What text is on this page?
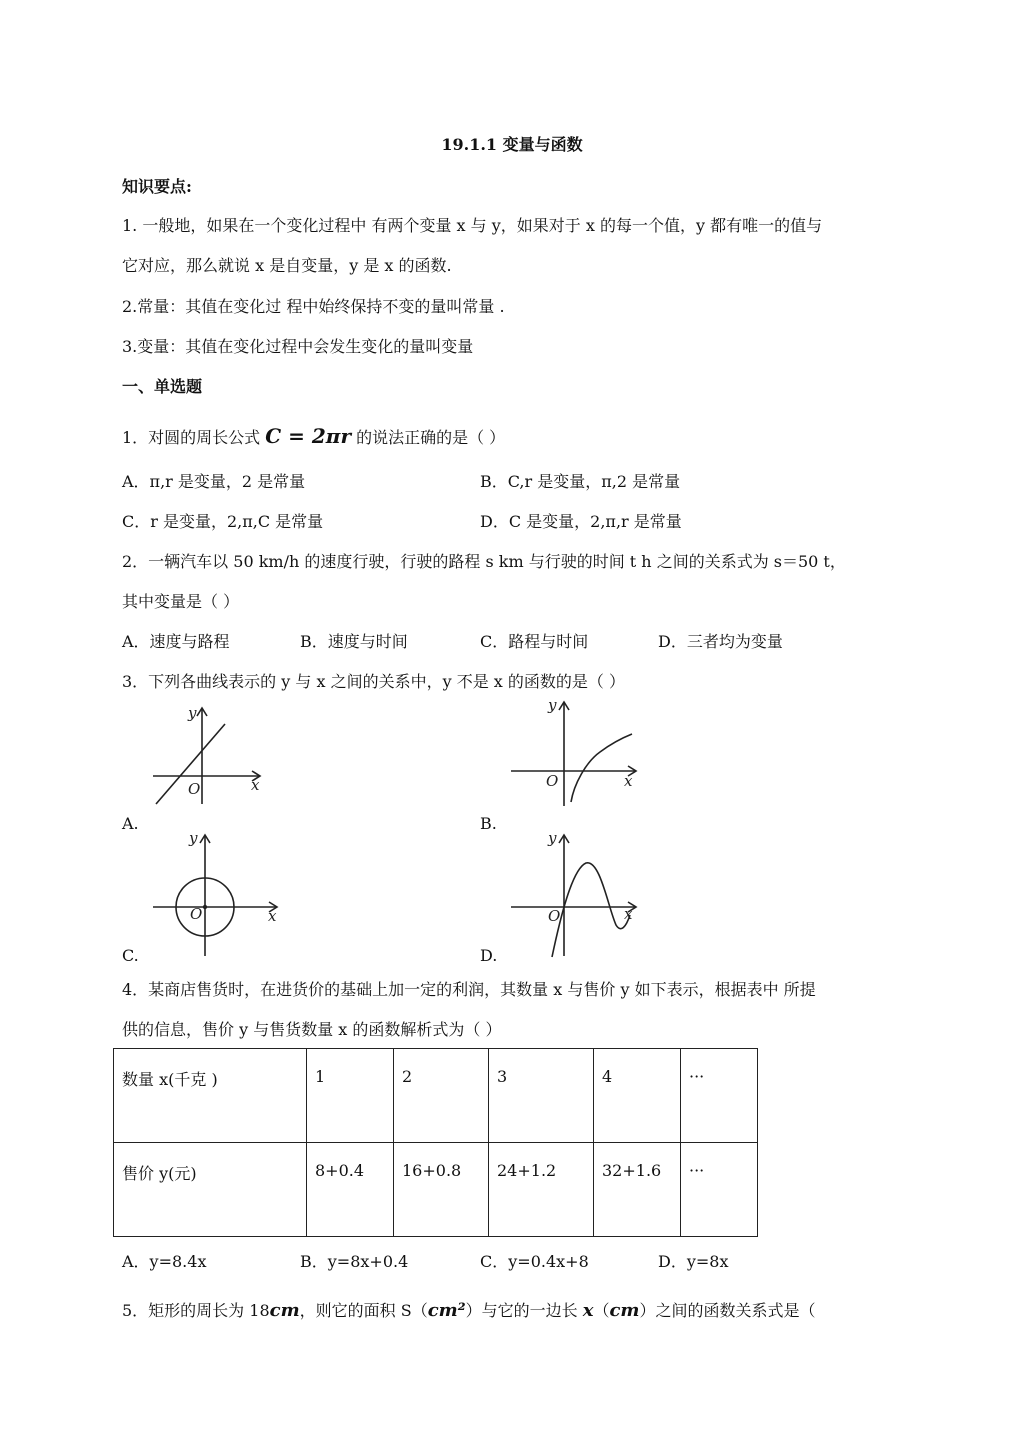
19.1.1 变量与函数
知识要点:
1. 一般地，如果在一个变化过程中 有两个变量 x 与 y，如果对于 x 的每一个值，y 都有唯一的值与
它对应，那么就说 x 是自变量，y 是 x 的函数.
2.常量：其值在变化过 程中始终保持不变的量叫常量 .
3.变量：其值在变化过程中会发生变化的量叫变量
一、单选题
1．对圆的周长公式 C = 2πr 的说法正确的是（ ）
A．π,r 是变量，2 是常量	B．C,r 是变量，π,2 是常量
C．r 是变量，2,π,C 是常量	D．C 是变量，2,π,r 是常量
2．一辆汽车以 50 km/h 的速度行驶，行驶的路程 s km 与行驶的时间 t h 之间的关系式为 s＝50 t，
其中变量是（ ）
A．速度与路程	B．速度与时间	C．路程与时间	D．三者均为变量
3．下列各曲线表示的 y 与 x 之间的关系中，y 不是 x 的函数的是（ ）
y
x
O
A.
y
x
O
B.
y
x
O
C.
y
x
O
D.
4．某商店售货时，在进货价的基础上加一定的利润，其数量 x 与售价 y 如下表示，根据表中 所提
供的信息，售价 y 与售货数量 x 的函数解析式为（ ）
数量 x(千克 )	1	2	3	4	···
售价 y(元)	8+0.4	16+0.8	24+1.2	32+1.6	···
A．y=8.4x	B．y=8x+0.4	C．y=0.4x+8	D．y=8x
5．矩形的周长为 18cm，则它的面积 S（cm²）与它的一边长 x（cm）之间的函数关系式是（
